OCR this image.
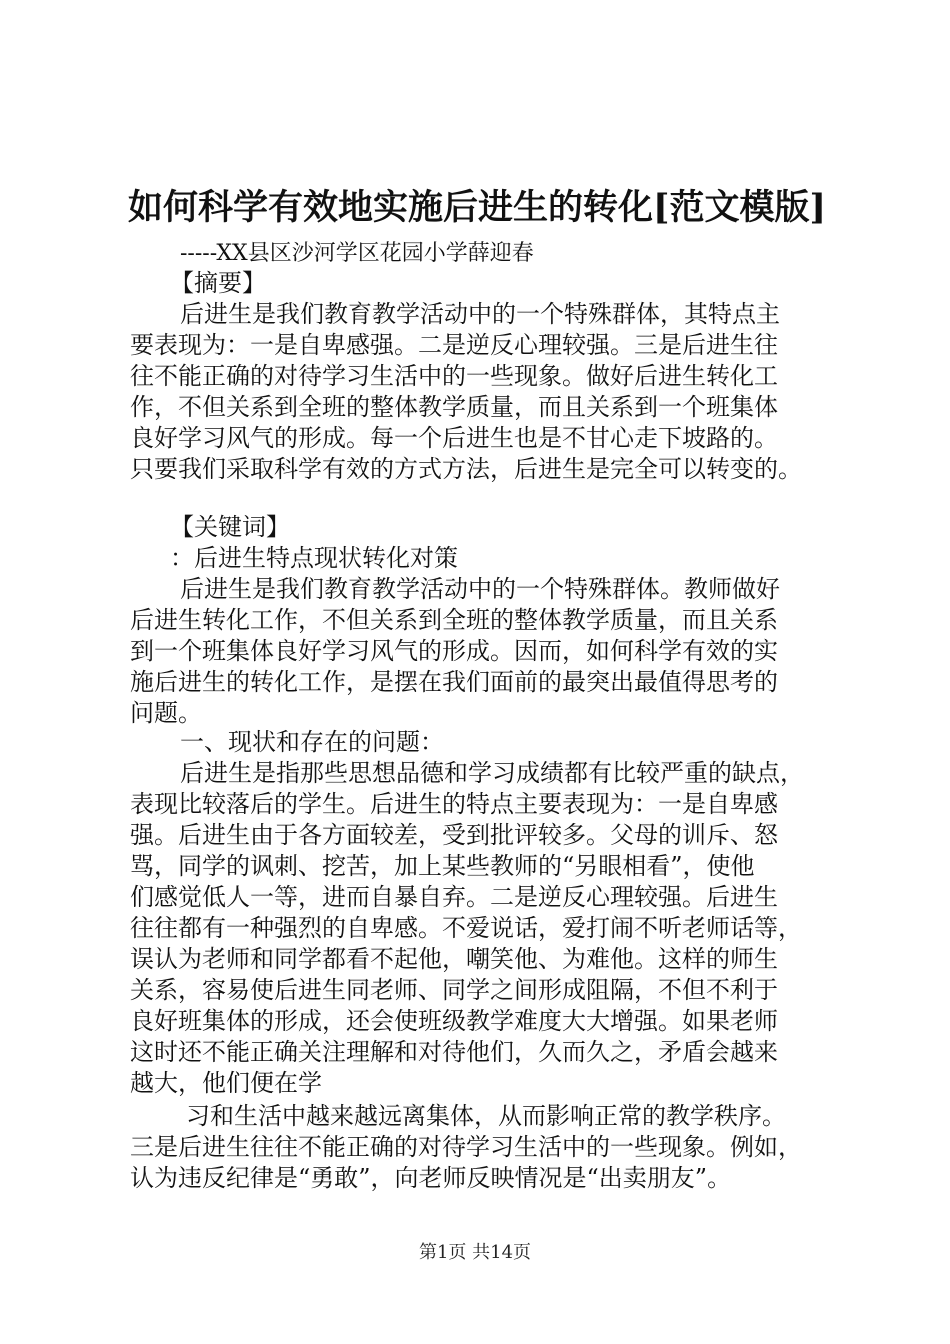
如何科学有效地实施后进生的转化[范文模版]
-----XX县区沙河学区花园小学薛迎春
【摘要】
后进生是我们教育教学活动中的一个特殊群体，其特点主
要表现为：一是自卑感强。二是逆反心理较强。三是后进生往
往不能正确的对待学习生活中的一些现象。做好后进生转化工
作，不但关系到全班的整体教学质量，而且关系到一个班集体
良好学习风气的形成。每一个后进生也是不甘心走下坡路的。
只要我们采取科学有效的方式方法，后进生是完全可以转变的。
【关键词】
：后进生特点现状转化对策
后进生是我们教育教学活动中的一个特殊群体。教师做好
后进生转化工作，不但关系到全班的整体教学质量，而且关系
到一个班集体良好学习风气的形成。因而，如何科学有效的实
施后进生的转化工作，是摆在我们面前的最突出最值得思考的
问题。
一、现状和存在的问题：
后进生是指那些思想品德和学习成绩都有比较严重的缺点，
表现比较落后的学生。后进生的特点主要表现为：一是自卑感
强。后进生由于各方面较差，受到批评较多。父母的训斥、怒
骂，同学的讽刺、挖苦，加上某些教师的“另眼相看”，使他
们感觉低人一等，进而自暴自弃。二是逆反心理较强。后进生
往往都有一种强烈的自卑感。不爱说话，爱打闹不听老师话等，
误认为老师和同学都看不起他，嘲笑他、为难他。这样的师生
关系，容易使后进生同老师、同学之间形成阻隔，不但不利于
良好班集体的形成，还会使班级教学难度大大增强。如果老师
这时还不能正确关注理解和对待他们，久而久之，矛盾会越来
越大，他们便在学
习和生活中越来越远离集体，从而影响正常的教学秩序。
三是后进生往往不能正确的对待学习生活中的一些现象。例如，
认为违反纪律是“勇敢”，向老师反映情况是“出卖朋友”。
第1页 共14页
